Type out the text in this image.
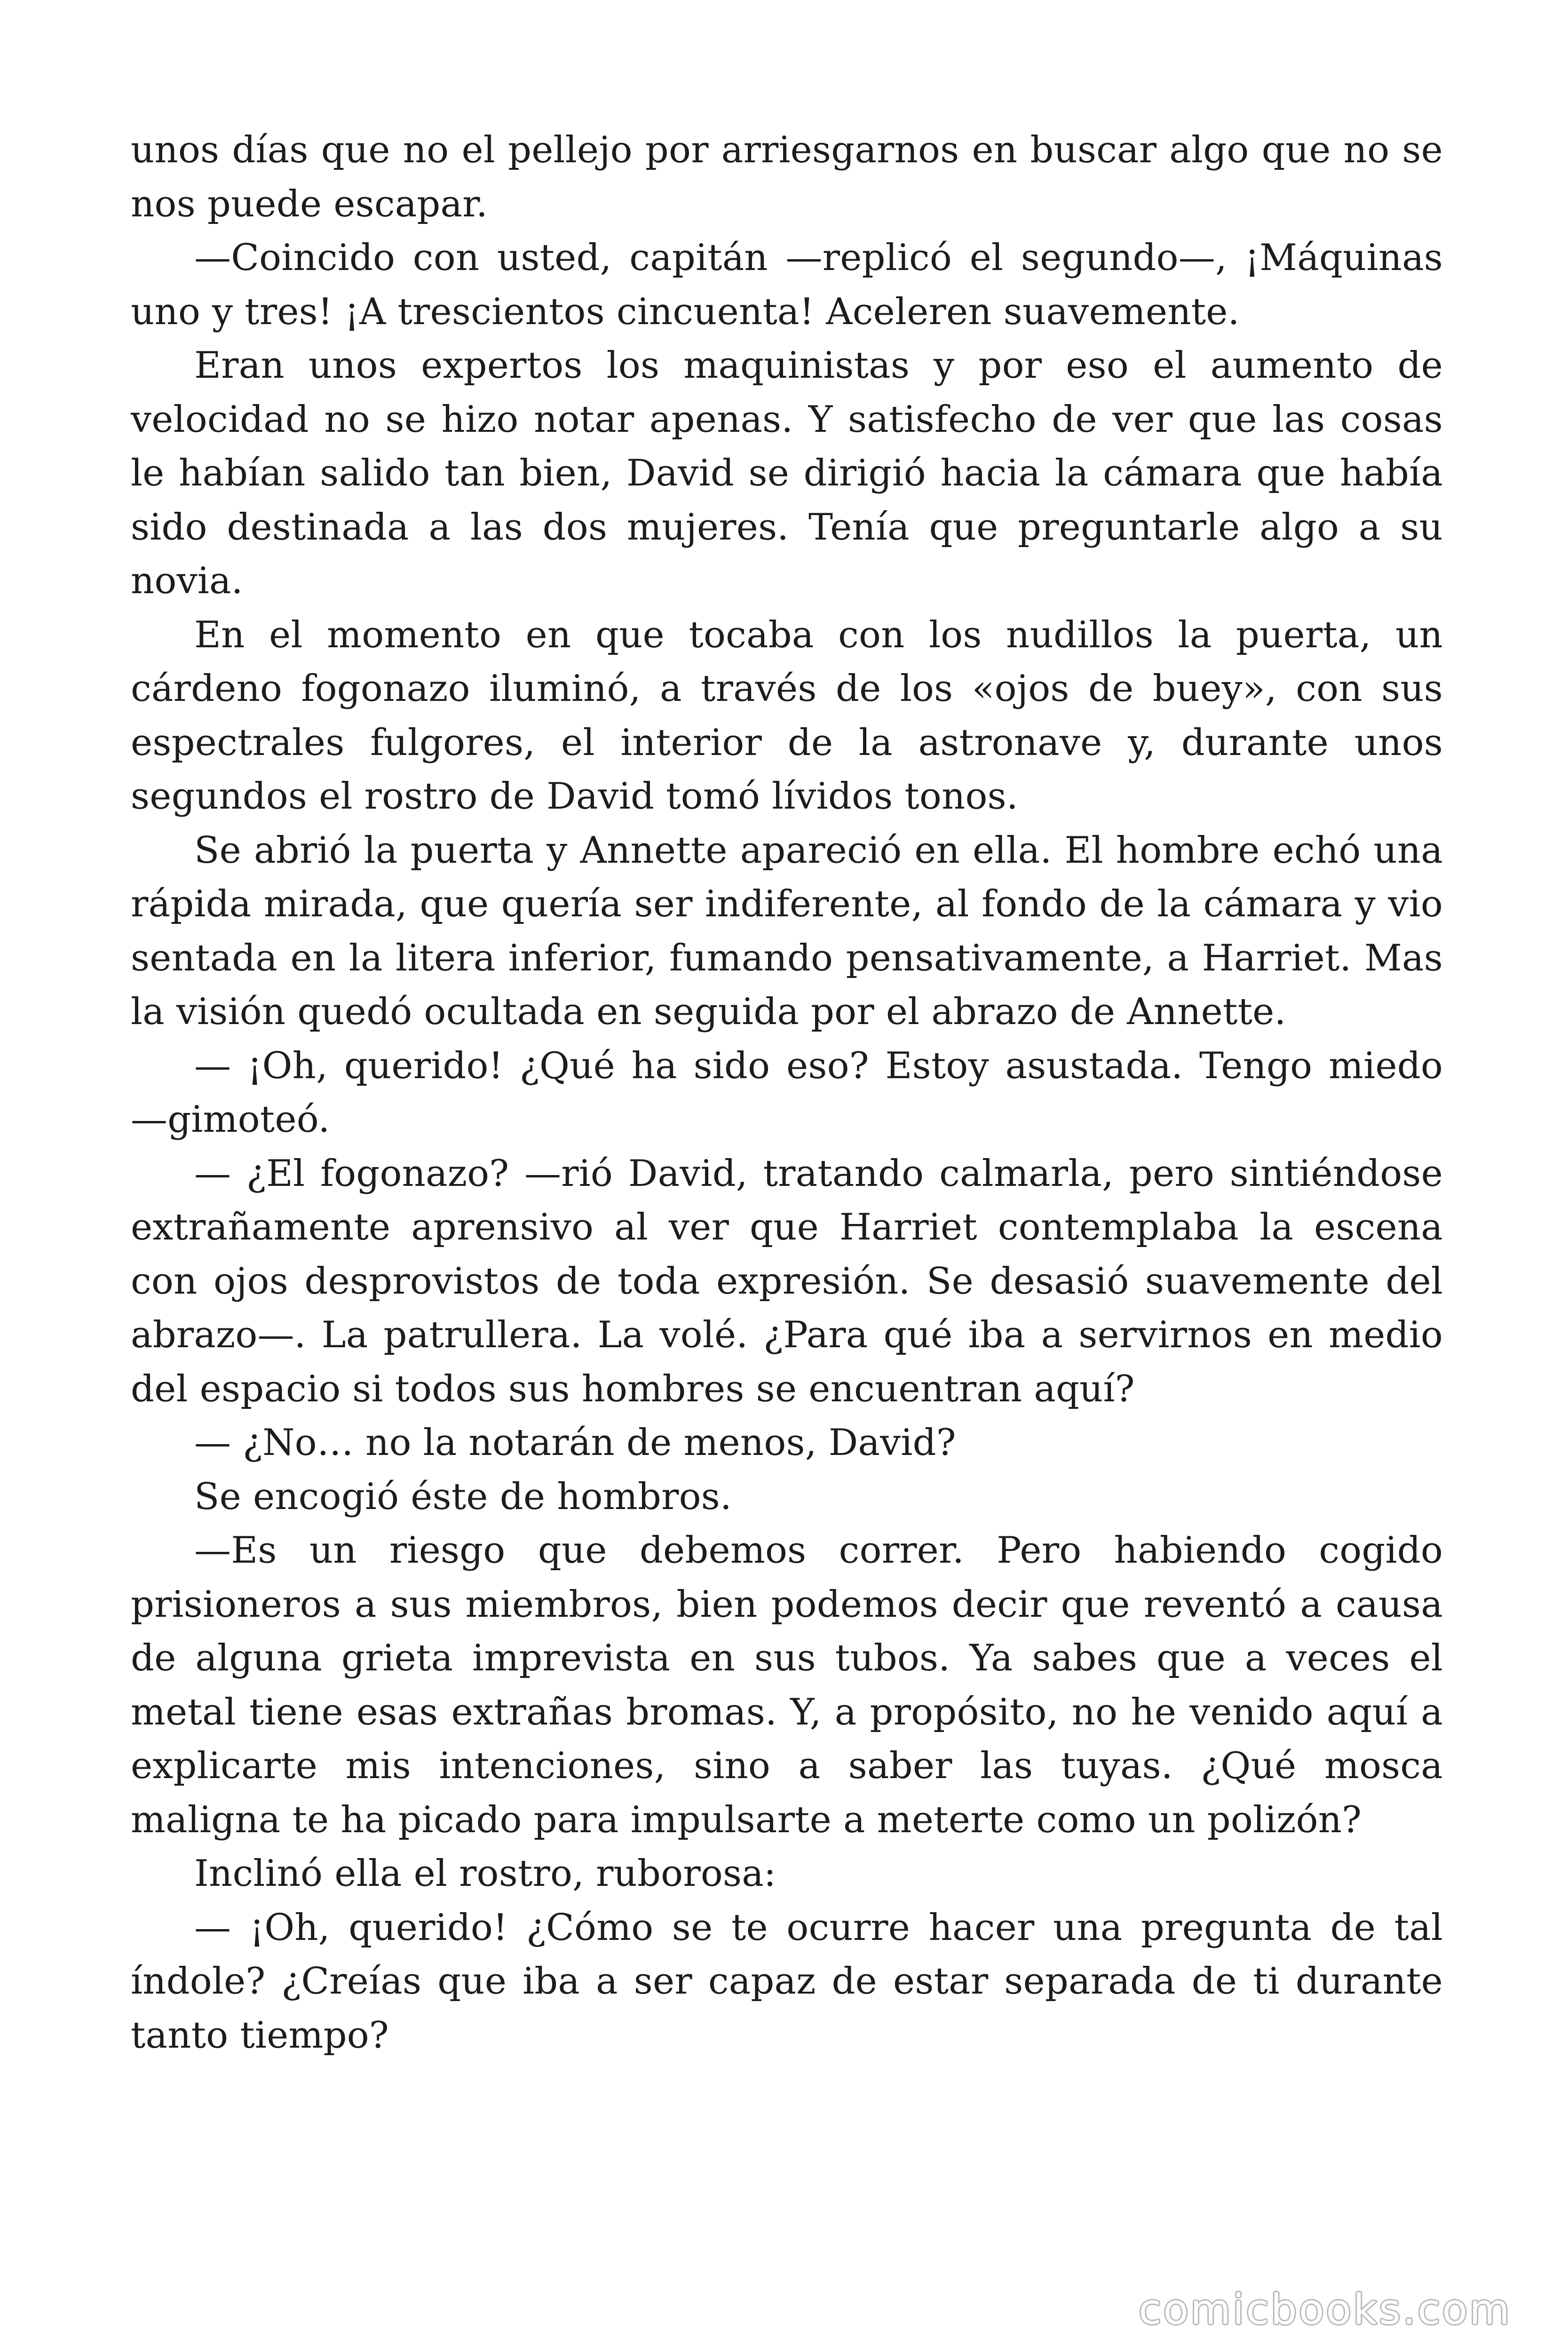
unos días que no el pellejo por arriesgarnos en buscar algo que no se nos puede escapar.

—Coincido con usted, capitán —replicó el segundo—, ¡Máquinas uno y tres! ¡A trescientos cincuenta! Aceleren suavemente.

Eran unos expertos los maquinistas y por eso el aumento de velocidad no se hizo notar apenas. Y satisfecho de ver que las cosas le habían salido tan bien, David se dirigió hacia la cámara que había sido destinada a las dos mujeres. Tenía que preguntarle algo a su novia.

En el momento en que tocaba con los nudillos la puerta, un cárdeno fogonazo iluminó, a través de los «ojos de buey», con sus espectrales fulgores, el interior de la astronave y, durante unos segundos el rostro de David tomó lívidos tonos.

Se abrió la puerta y Annette apareció en ella. El hombre echó una rápida mirada, que quería ser indiferente, al fondo de la cámara y vio sentada en la litera inferior, fumando pensativamente, a Harriet. Mas la visión quedó ocultada en seguida por el abrazo de Annette.

— ¡Oh, querido! ¿Qué ha sido eso? Estoy asustada. Tengo miedo —gimoteó.

— ¿El fogonazo? —rió David, tratando calmarla, pero sintiéndose extrañamente aprensivo al ver que Harriet contemplaba la escena con ojos desprovistos de toda expresión. Se desasió suavemente del abrazo—. La patrullera. La volé. ¿Para qué iba a servirnos en medio del espacio si todos sus hombres se encuentran aquí?

— ¿No… no la notarán de menos, David?

Se encogió éste de hombros.

—Es un riesgo que debemos correr. Pero habiendo cogido prisioneros a sus miembros, bien podemos decir que reventó a causa de alguna grieta imprevista en sus tubos. Ya sabes que a veces el metal tiene esas extrañas bromas. Y, a propósito, no he venido aquí a explicarte mis intenciones, sino a saber las tuyas. ¿Qué mosca maligna te ha picado para impulsarte a meterte como un polizón?

Inclinó ella el rostro, ruborosa:

— ¡Oh, querido! ¿Cómo se te ocurre hacer una pregunta de tal índole? ¿Creías que iba a ser capaz de estar separada de ti durante tanto tiempo?

comicbooks.com
